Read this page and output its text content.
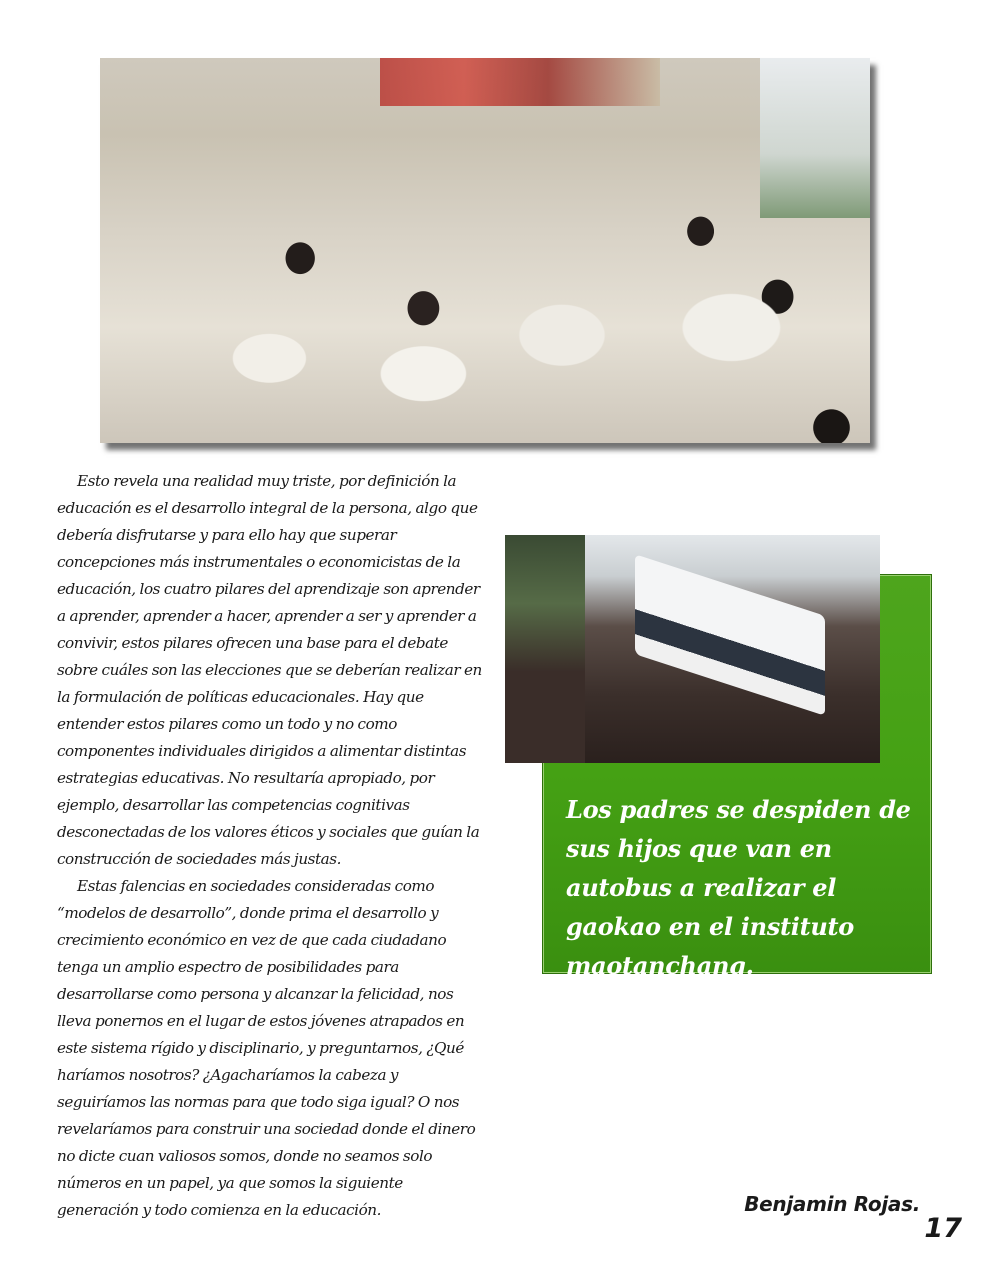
Esto revela una realidad muy triste, por definición la educación es el desarrollo integral de la persona, algo que debería disfrutarse y para ello hay que superar concepciones más instrumentales o economicistas de la educación, los cuatro pilares del aprendizaje son aprender a aprender, aprender a hacer, aprender a ser y aprender a convivir, estos pilares ofrecen una base para el debate sobre cuáles son las elecciones que se deberían realizar en la formulación de políticas educacionales. Hay que entender estos pilares como un todo y no como componentes individuales dirigidos a alimentar distintas estrategias educativas. No resultaría apropiado, por ejemplo, desarrollar las competencias cognitivas desconectadas de los valores éticos y sociales que guían la construcción de sociedades más justas.

Estas falencias en sociedades consideradas como “modelos de desarrollo”, donde prima el desarrollo y crecimiento económico en vez de que cada ciudadano tenga un amplio espectro de posibilidades para desarrollarse como persona y alcanzar la felicidad, nos lleva ponernos en el lugar de estos jóvenes atrapados en este sistema rígido y disciplinario, y preguntarnos, ¿Qué haríamos nosotros? ¿Agacharíamos la cabeza y seguiríamos las normas para que todo siga igual? O nos revelaríamos para construir una sociedad donde el dinero no dicte cuan valiosos somos, donde no seamos solo números en un papel, ya que somos la siguiente generación y todo comienza en la educación.

Los padres se despiden de sus hijos que van en autobus a realizar el gaokao en el instituto maotanchang.
Benjamin Rojas.
17
